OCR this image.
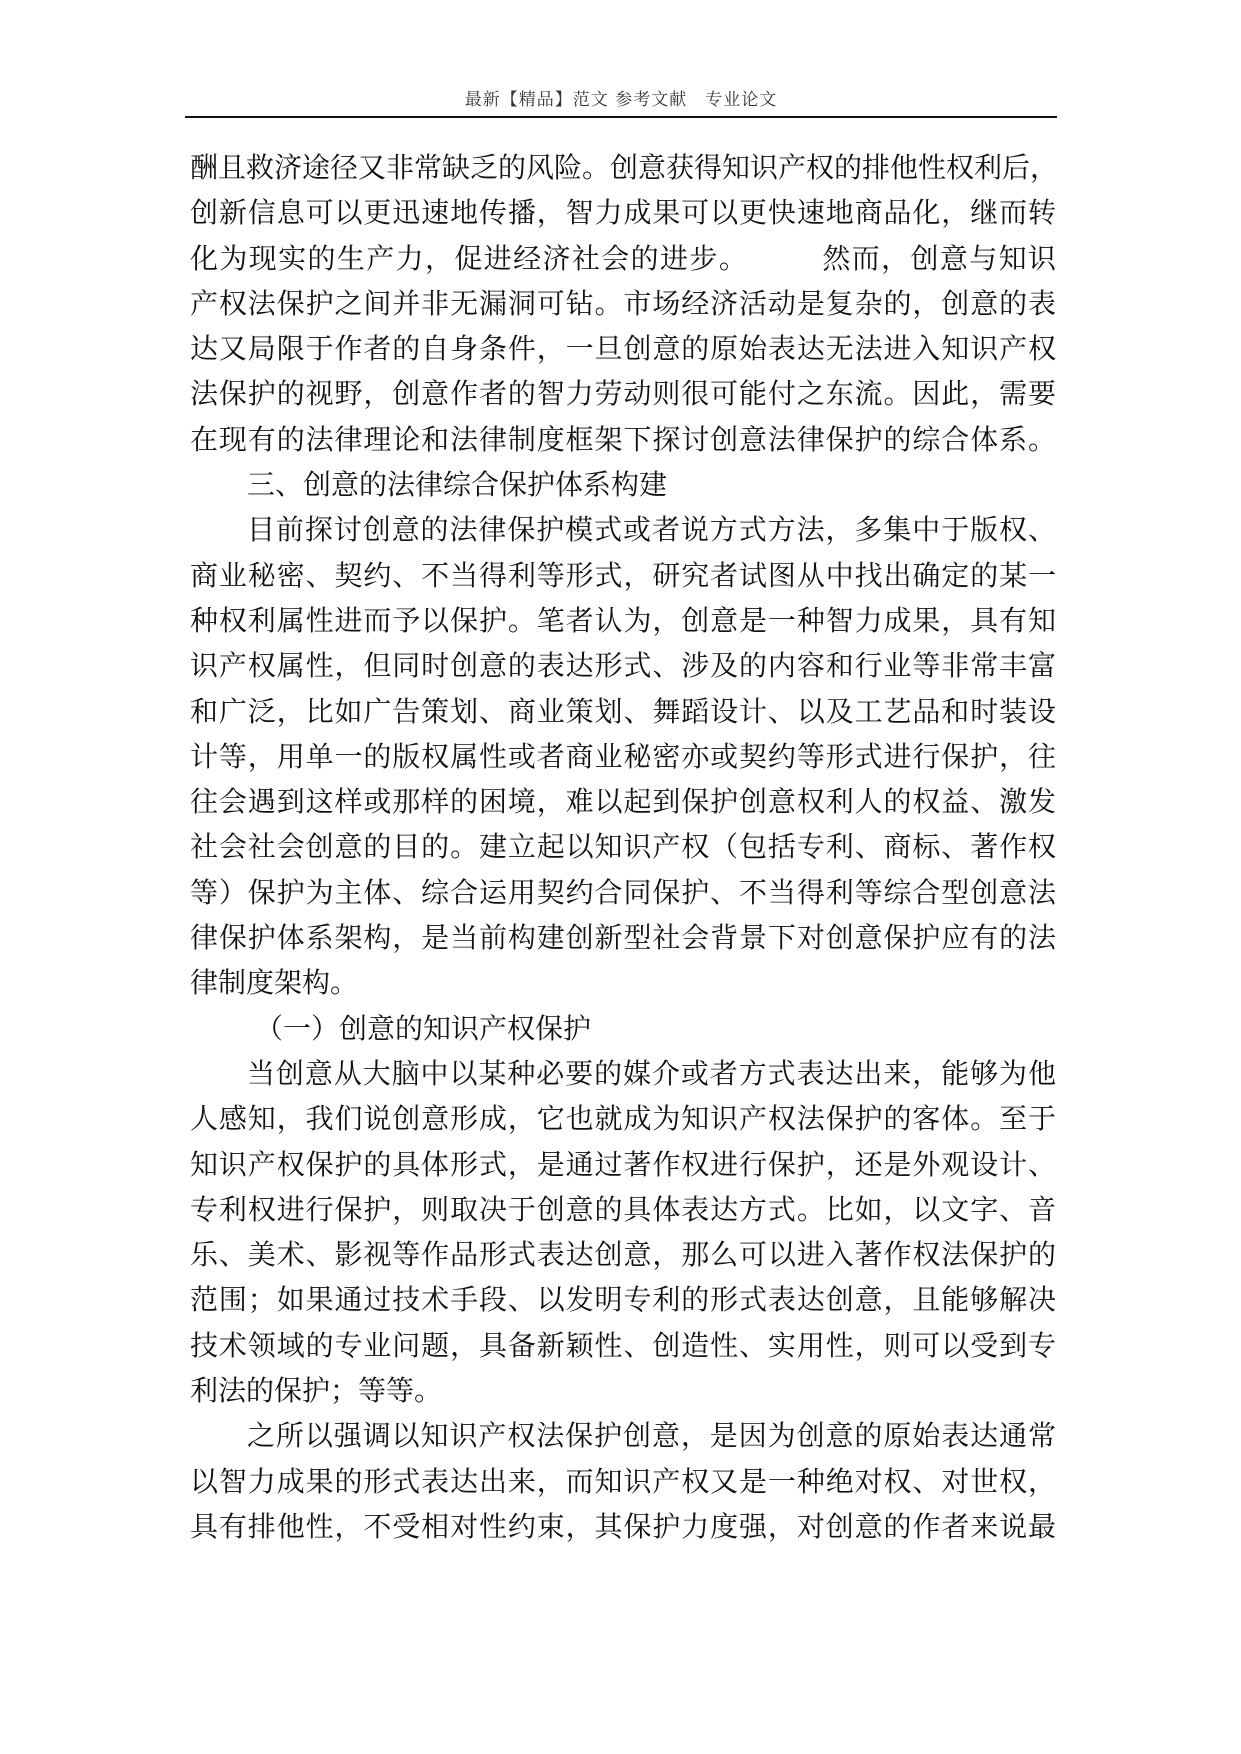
最新【精品】范文 参考文献　专业论文
酬且救济途径又非常缺乏的风险。创意获得知识产权的排他性权利后，
创新信息可以更迅速地传播，智力成果可以更快速地商品化，继而转
化为现实的生产力，促进经济社会的进步。　　　然而，创意与知识
产权法保护之间并非无漏洞可钻。市场经济活动是复杂的，创意的表
达又局限于作者的自身条件，一旦创意的原始表达无法进入知识产权
法保护的视野，创意作者的智力劳动则很可能付之东流。因此，需要
在现有的法律理论和法律制度框架下探讨创意法律保护的综合体系。
三、创意的法律综合保护体系构建
目前探讨创意的法律保护模式或者说方式方法，多集中于版权、
商业秘密、契约、不当得利等形式，研究者试图从中找出确定的某一
种权利属性进而予以保护。笔者认为，创意是一种智力成果，具有知
识产权属性，但同时创意的表达形式、涉及的内容和行业等非常丰富
和广泛，比如广告策划、商业策划、舞蹈设计、以及工艺品和时装设
计等，用单一的版权属性或者商业秘密亦或契约等形式进行保护，往
往会遇到这样或那样的困境，难以起到保护创意权利人的权益、激发
社会社会创意的目的。建立起以知识产权（包括专利、商标、著作权
等）保护为主体、综合运用契约合同保护、不当得利等综合型创意法
律保护体系架构，是当前构建创新型社会背景下对创意保护应有的法
律制度架构。
（一）创意的知识产权保护
当创意从大脑中以某种必要的媒介或者方式表达出来，能够为他
人感知，我们说创意形成，它也就成为知识产权法保护的客体。至于
知识产权保护的具体形式，是通过著作权进行保护，还是外观设计、
专利权进行保护，则取决于创意的具体表达方式。比如，以文字、音
乐、美术、影视等作品形式表达创意，那么可以进入著作权法保护的
范围；如果通过技术手段、以发明专利的形式表达创意，且能够解决
技术领域的专业问题，具备新颖性、创造性、实用性，则可以受到专
利法的保护；等等。
之所以强调以知识产权法保护创意，是因为创意的原始表达通常
以智力成果的形式表达出来，而知识产权又是一种绝对权、对世权，
具有排他性，不受相对性约束，其保护力度强，对创意的作者来说最
